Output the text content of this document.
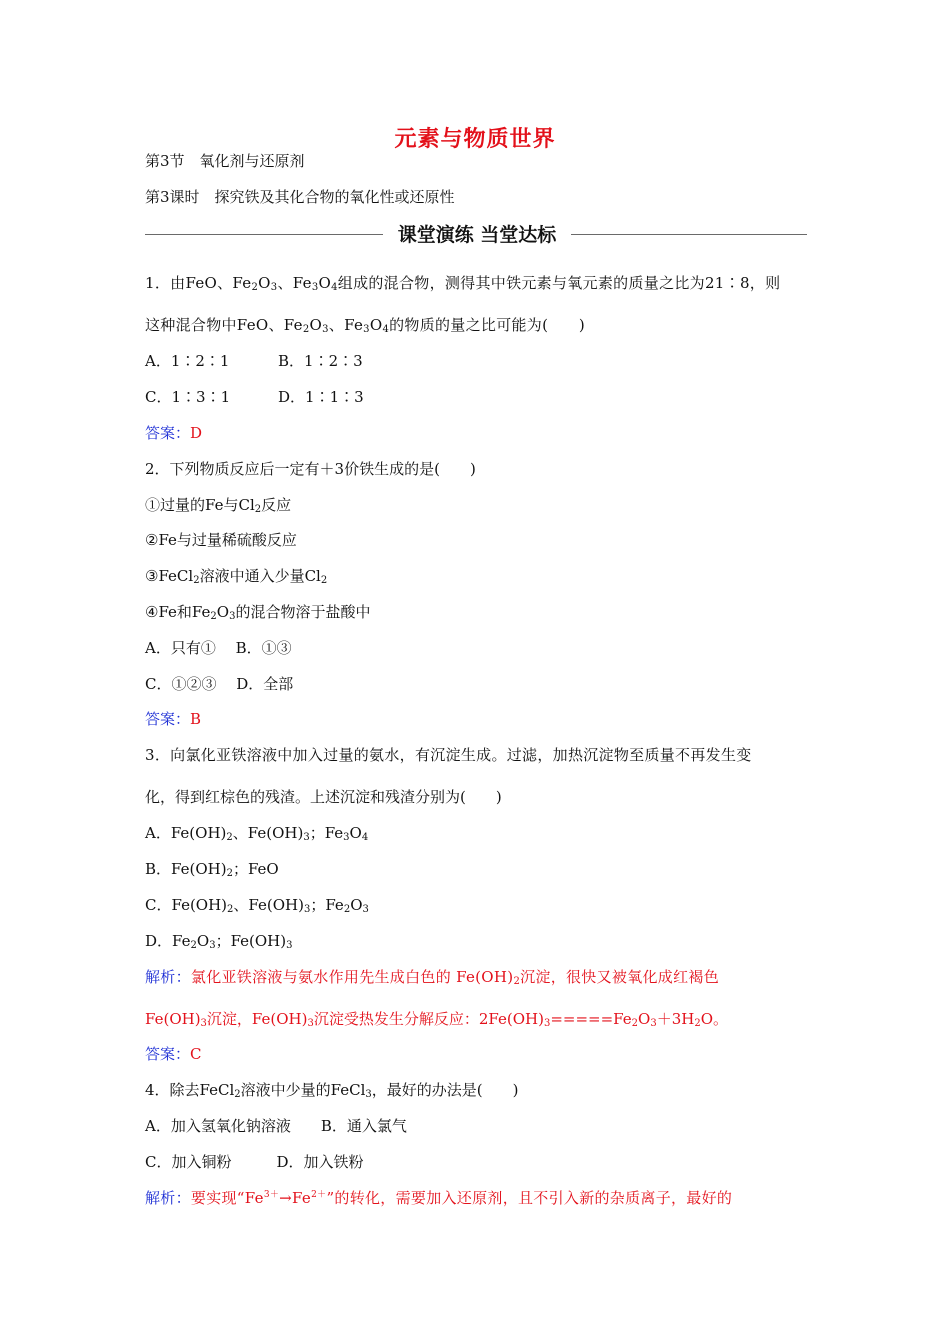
元素与物质世界
第3节　氧化剂与还原剂
第3课时　探究铁及其化合物的氧化性或还原性
课堂演练 当堂达标
1．由FeO、$Fe_2O_3$、$Fe_3O_4$组成的混合物，测得其中铁元素与氧元素的质量之比为21∶8，则
这种混合物中FeO、$Fe_2O_3$、$Fe_3O_4$的物质的量之比可能为(　　)
A．1∶2∶1	B．1∶2∶3
C．1∶3∶1	D．1∶1∶3
答案：D
2．下列物质反应后一定有＋3价铁生成的是(　　)
①过量的Fe与$Cl_2$反应
②Fe与过量稀硫酸反应
③FeCl$_2$溶液中通入少量$Cl_2$
④Fe和$Fe_2O_3$的混合物溶于盐酸中
A．只有①　 B．①③
C．①②③　 D．全部
答案：B
3．向氯化亚铁溶液中加入过量的氨水，有沉淀生成。过滤，加热沉淀物至质量不再发生变
化，得到红棕色的残渣。上述沉淀和残渣分别为(　　)
A．$Fe(OH)_2$、$Fe(OH)_3$；$Fe_3O_4$
B．$Fe(OH)_2$；FeO
C．$Fe(OH)_2$、$Fe(OH)_3$；$Fe_2O_3$
D．$Fe_2O_3$；$Fe(OH)_3$
解析：氯化亚铁溶液与氨水作用先生成白色的 $Fe(OH)_2$沉淀，很快又被氧化成红褐色
$Fe(OH)_3$沉淀，$Fe(OH)_3$沉淀受热发生分解反应：$2Fe(OH)_3=====Fe_2O_3+3H_2O$。
答案：C
4．除去FeCl$_2$溶液中少量的FeCl$_3$，最好的办法是(　　)
A．加入氢氧化钠溶液　　B．通入氯气
C．加入铜粉　　　D．加入铁粉
解析：要实现“$Fe^{3+}\to Fe^{2+}$”的转化，需要加入还原剂，且不引入新的杂质离子，最好的
